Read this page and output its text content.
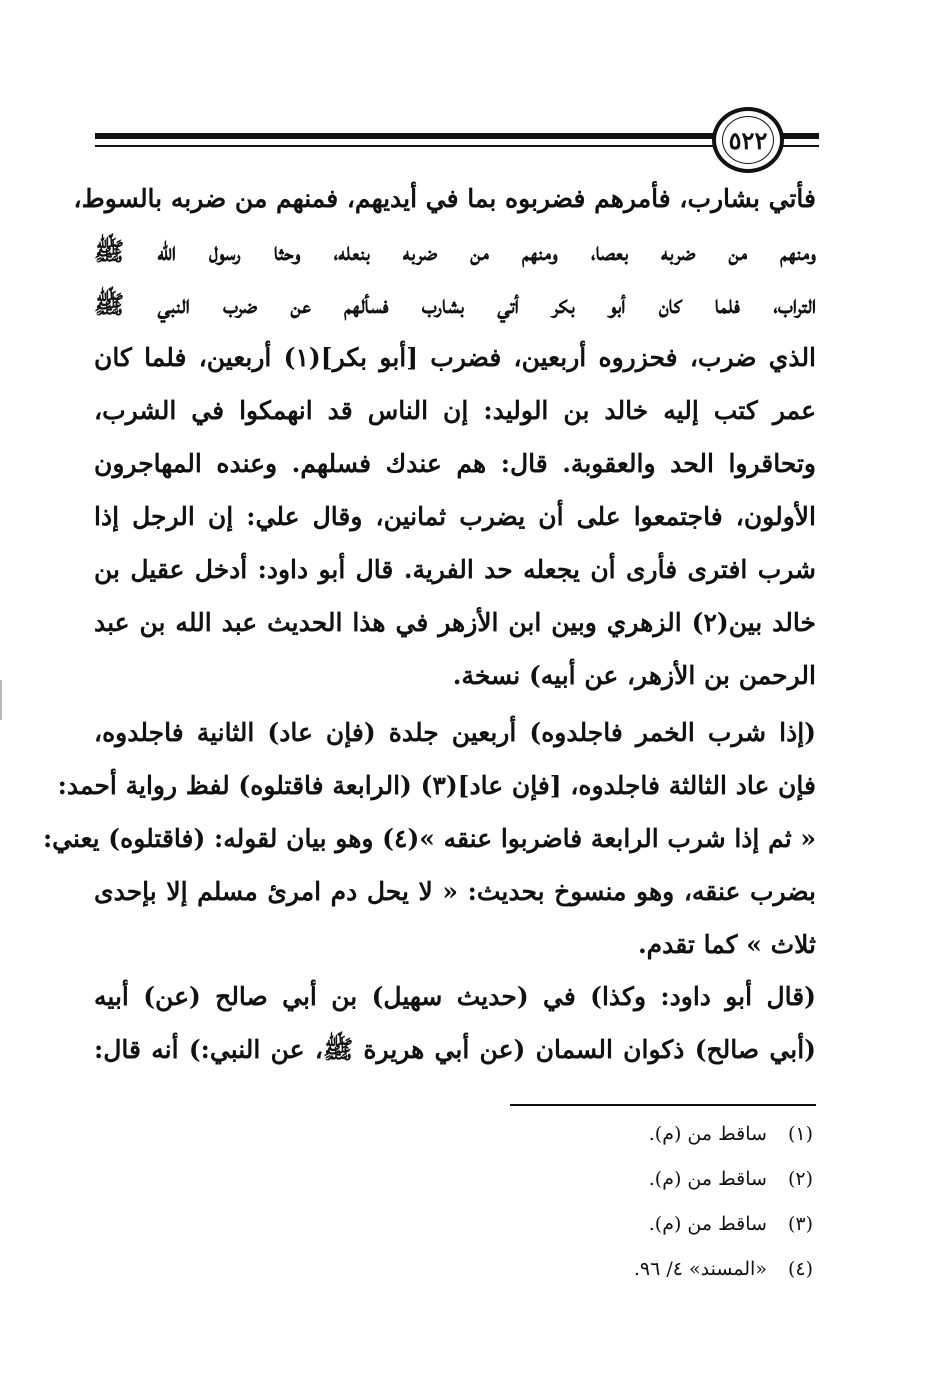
٥٢٢
فأتي بشارب، فأمرهم فضربوه بما في أيديهم، فمنهم من ضربه بالسوط،
ومنهم من ضربه بعصا، ومنهم من ضربه بنعله، وحثا رسول الله ﷺ
التراب، فلما كان أبو بكر أتي بشارب فسألهم عن ضرب النبي ﷺ
الذي ضرب، فحزروه أربعين، فضرب [أبو بكر](١) أربعين، فلما كان
عمر كتب إليه خالد بن الوليد: إن الناس قد انهمكوا في الشرب،
وتحاقروا الحد والعقوبة. قال: هم عندك فسلهم. وعنده المهاجرون
الأولون، فاجتمعوا على أن يضرب ثمانين، وقال علي: إن الرجل إذا
شرب افترى فأرى أن يجعله حد الفرية. قال أبو داود: أدخل عقيل بن
خالد بين(٢) الزهري وبين ابن الأزهر في هذا الحديث عبد الله بن عبد
الرحمن بن الأزهر، عن أبيه) نسخة.
(إذا شرب الخمر فاجلدوه) أربعين جلدة (فإن عاد) الثانية فاجلدوه،
فإن عاد الثالثة فاجلدوه، [فإن عاد](٣) (الرابعة فاقتلوه) لفظ رواية أحمد:
« ثم إذا شرب الرابعة فاضربوا عنقه »(٤) وهو بيان لقوله: (فاقتلوه) يعني:
بضرب عنقه، وهو منسوخ بحديث: « لا يحل دم امرئ مسلم إلا بإحدى
ثلاث » كما تقدم.
(قال أبو داود: وكذا) في (حديث سهيل) بن أبي صالح (عن) أبيه
(أبي صالح) ذكوان السمان (عن أبي هريرة ﷺ، عن النبي:) أنه قال:
(١) ساقط من (م).
(٢) ساقط من (م).
(٣) ساقط من (م).
(٤) «المسند» ٤/ ٩٦.
